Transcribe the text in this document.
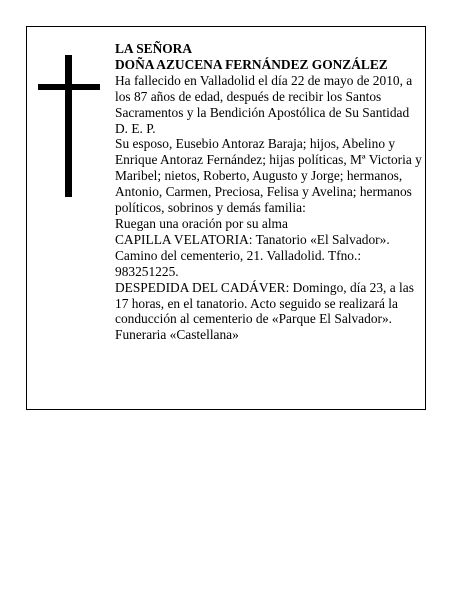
LA SEÑORA

DOÑA AZUCENA FERNÁNDEZ GONZÁLEZ

Ha fallecido en Valladolid el día 22 de mayo de 2010, a los 87 años de edad, después de recibir los Santos Sacramentos y la Bendición Apostólica de Su Santidad D. E. P.

Su esposo, Eusebio Antoraz Baraja; hijos, Abelino y Enrique Antoraz Fernández; hijas políticas, Mª Victoria y Maribel; nietos, Roberto, Augusto y Jorge; hermanos, Antonio, Carmen, Preciosa, Felisa y Avelina; hermanos políticos, sobrinos y demás familia:

Ruegan una oración por su alma

CAPILLA VELATORIA: Tanatorio «El Salvador». Camino del cementerio, 21. Valladolid. Tfno.: 983251225.

DESPEDIDA DEL CADÁVER: Domingo, día 23, a las 17 horas, en el tanatorio. Acto seguido se realizará la conducción al cementerio de «Parque El Salvador».

Funeraria «Castellana»
